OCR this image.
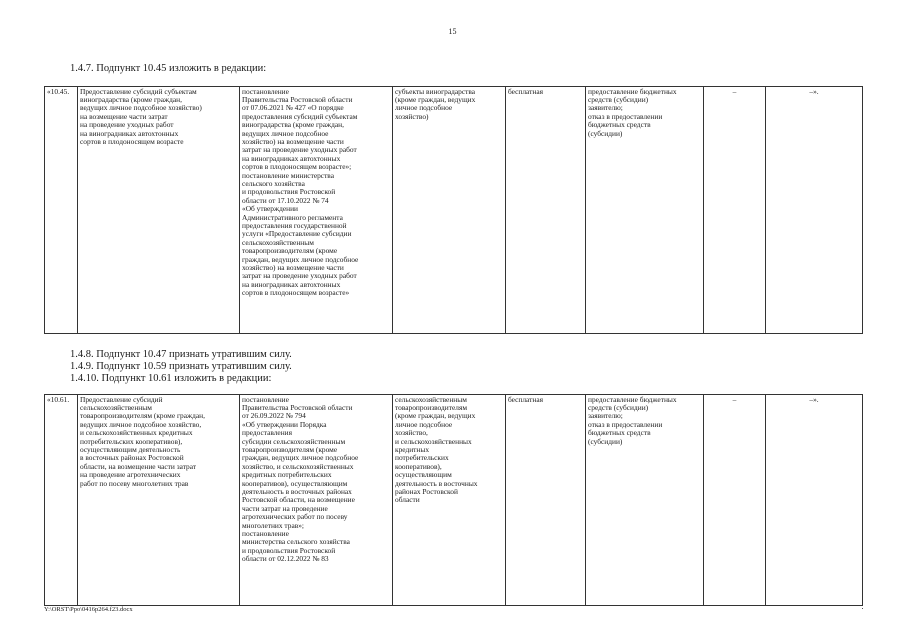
15
1.4.7. Подпункт 10.45 изложить в редакции:
«10.45.	Предоставление субсидий субъектам
виноградарства (кроме граждан,
ведущих личное подсобное хозяйство)
на возмещение части затрат
на проведение уходных работ
на виноградниках автохтонных
сортов в плодоносящем возрасте	постановление
Правительства Ростовской области
от 07.06.2021 № 427 «О порядке
предоставления субсидий субъектам
виноградарства (кроме граждан,
ведущих личное подсобное
хозяйство) на возмещение части
затрат на проведение уходных работ
на виноградниках автохтонных
сортов в плодоносящем возрасте»;
постановление министерства
сельского хозяйства
и продовольствия Ростовской
области от 17.10.2022 № 74
«Об утверждении
Административного регламента
предоставления государственной
услуги «Предоставление субсидии
сельскохозяйственным
товаропроизводителям (кроме
граждан, ведущих личное подсобное
хозяйство) на возмещение части
затрат на проведение уходных работ
на виноградниках автохтонных
сортов в плодоносящем возрасте»	субъекты виноградарства
(кроме граждан, ведущих
личное подсобное
хозяйство)	бесплатная	предоставление бюджетных
средств (субсидии)
заявителю;
отказ в предоставлении
бюджетных средств
(субсидии)	–	–».
1.4.8. Подпункт 10.47 признать утратившим силу.
1.4.9. Подпункт 10.59 признать утратившим силу.
1.4.10. Подпункт 10.61 изложить в редакции:
«10.61.	Предоставление субсидий
сельскохозяйственным
товаропроизводителям (кроме граждан,
ведущих личное подсобное хозяйство,
и сельскохозяйственных кредитных
потребительских кооперативов),
осуществляющим деятельность
в восточных районах Ростовской
области, на возмещение части затрат
на проведение агротехнических
работ по посеву многолетних трав	постановление
Правительства Ростовской области
от 26.09.2022 № 794
«Об утверждении Порядка
предоставления
субсидии сельскохозяйственным
товаропроизводителям (кроме
граждан, ведущих личное подсобное
хозяйство, и сельскохозяйственных
кредитных потребительских
кооперативов), осуществляющим
деятельность в восточных районах
Ростовской области, на возмещение
части затрат на проведение
агротехнических работ по посеву
многолетних трав»;
постановление
министерства сельского хозяйства
и продовольствия Ростовской
области от 02.12.2022 № 83	сельскохозяйственным
товаропроизводителям
(кроме граждан, ведущих
личное подсобное
хозяйство,
и сельскохозяйственных
кредитных
потребительских
кооперативов),
осуществляющим
деятельность в восточных
районах Ростовской
области	бесплатная	предоставление бюджетных
средств (субсидии)
заявителю;
отказ в предоставлении
бюджетных средств
(субсидии)	–	–».
Y:\ORST\Ppo\0416p264.f23.docx
